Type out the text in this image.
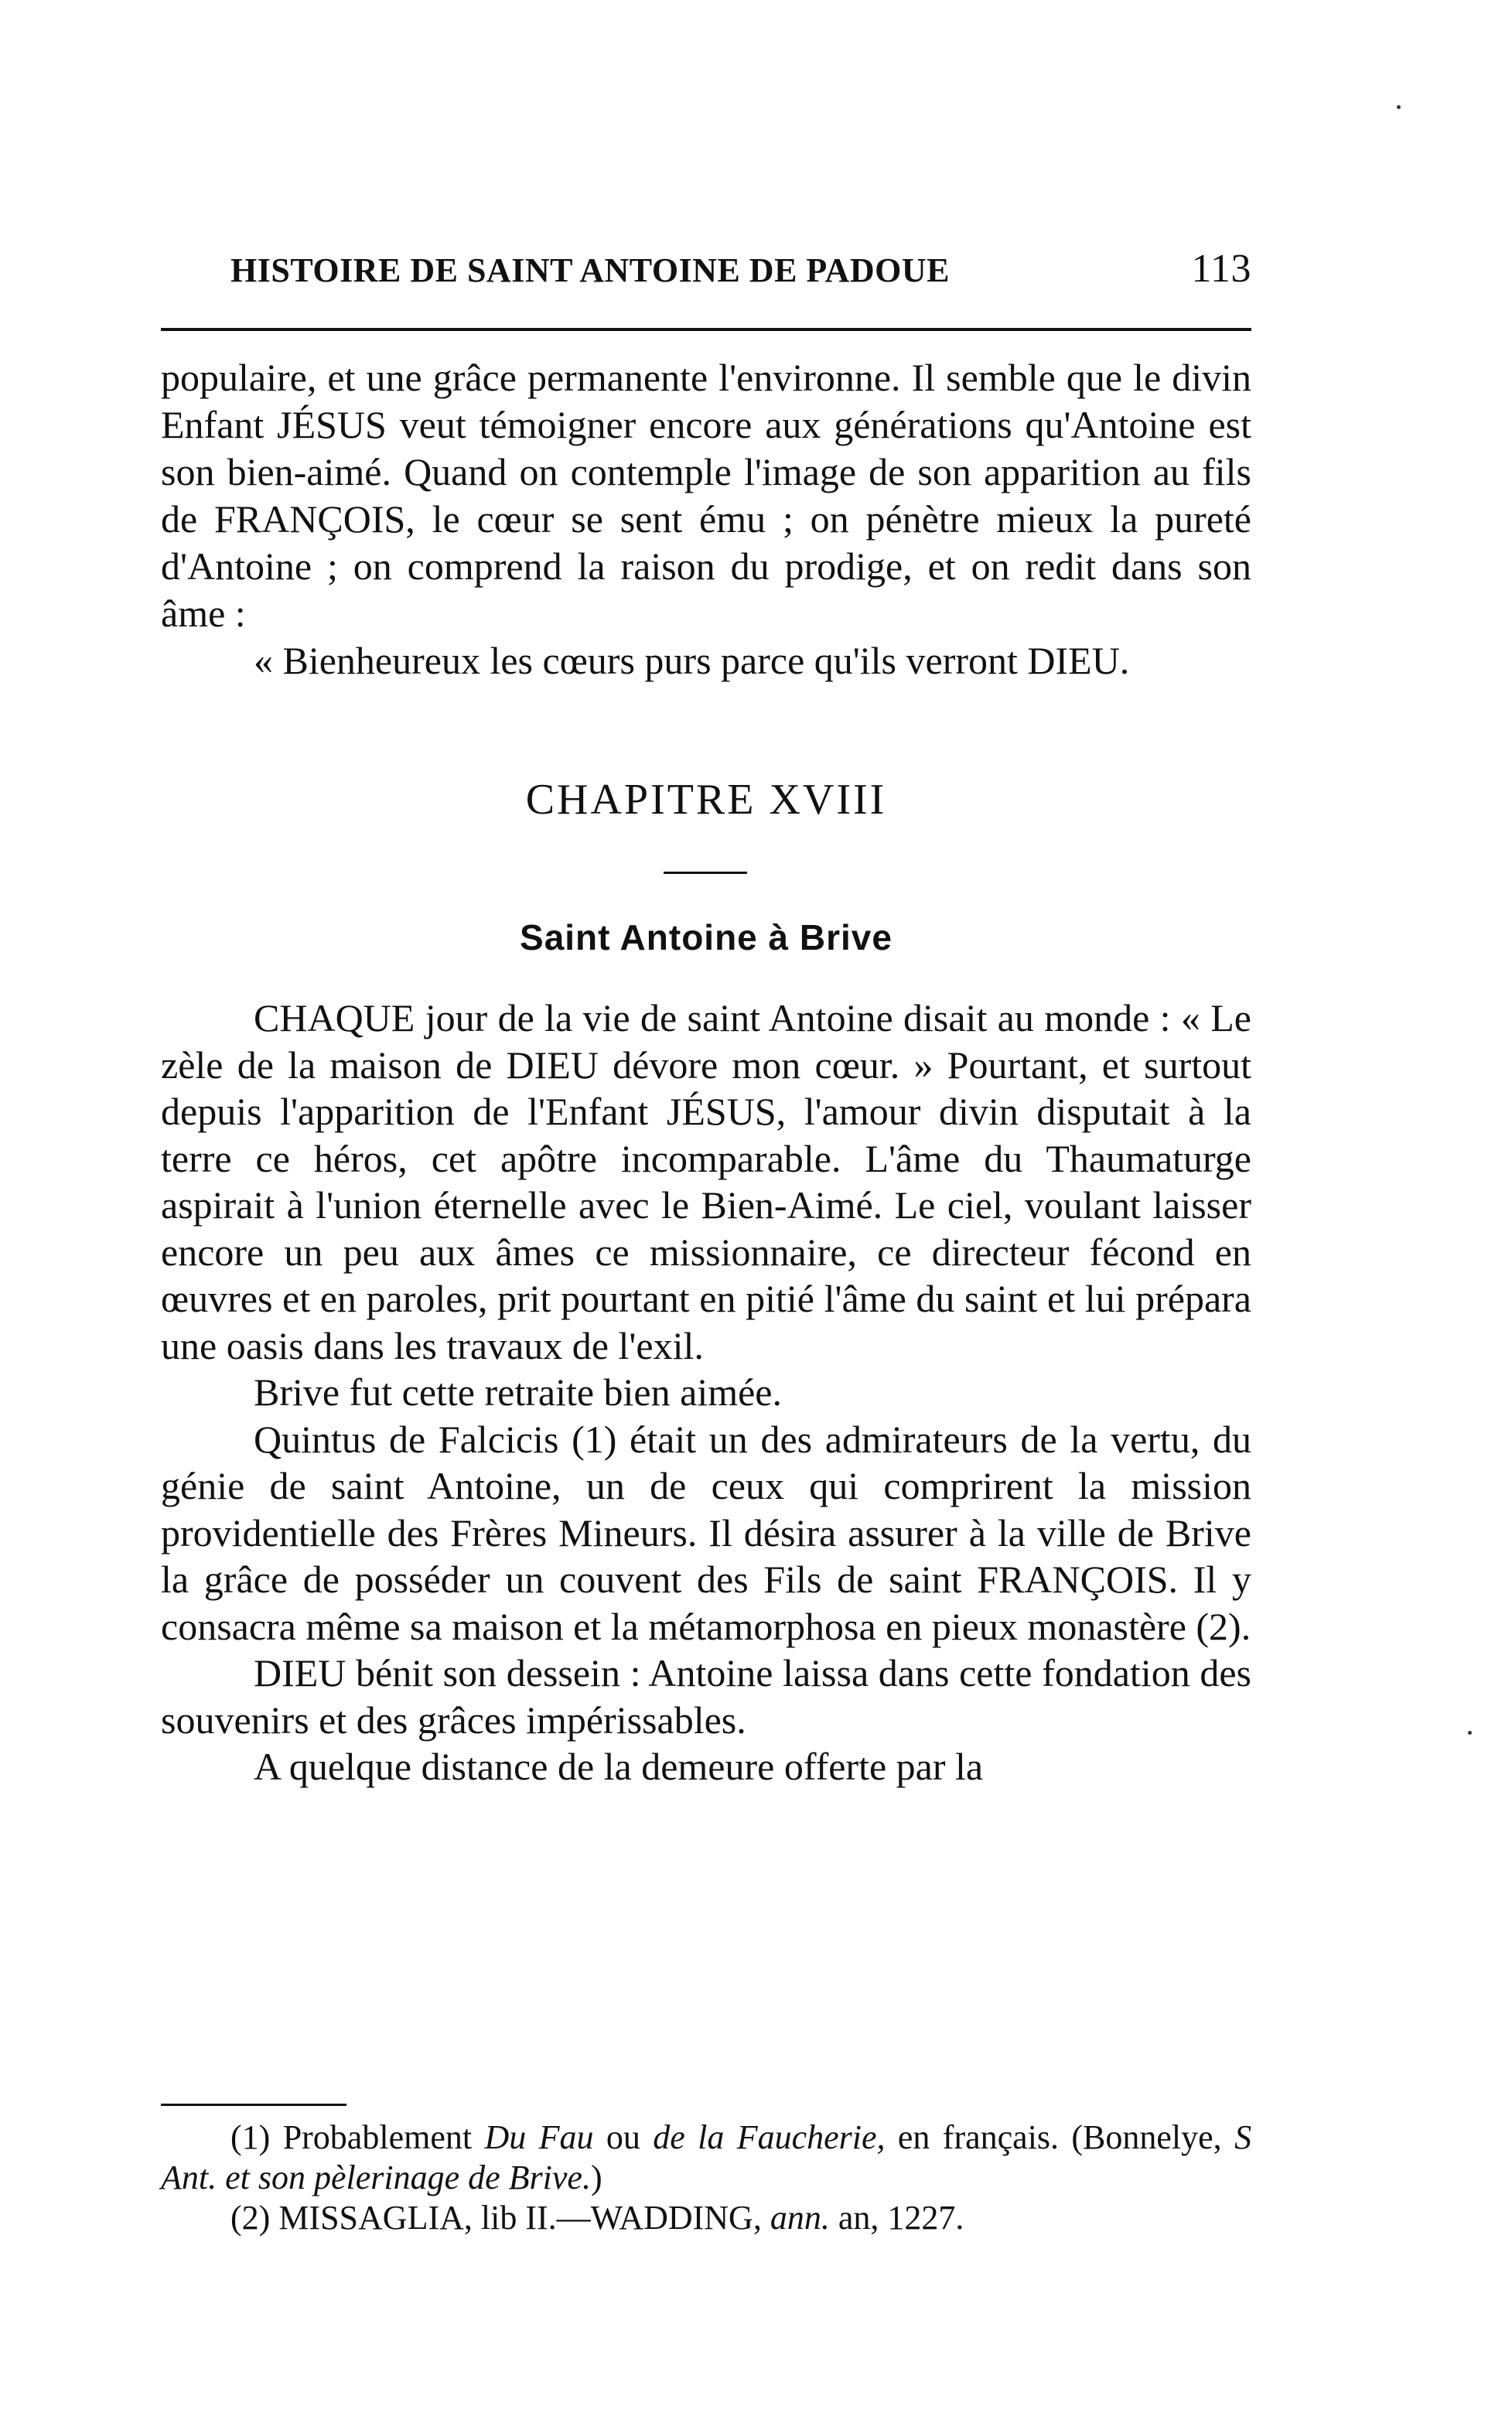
HISTOIRE DE SAINT ANTOINE DE PADOUE	113

populaire, et une grâce permanente l'environne. Il semble que le divin Enfant JÉSUS veut témoigner encore aux générations qu'Antoine est son bien-aimé. Quand on contemple l'image de son apparition au fils de FRANÇOIS, le cœur se sent ému ; on pénètre mieux la pureté d'Antoine ; on comprend la raison du prodige, et on redit dans son âme :

« Bienheureux les cœurs purs parce qu'ils verront DIEU.

CHAPITRE XVIII
Saint Antoine à Brive

CHAQUE jour de la vie de saint Antoine disait au monde : « Le zèle de la maison de DIEU dévore mon cœur. » Pourtant, et surtout depuis l'apparition de l'Enfant JÉSUS, l'amour divin disputait à la terre ce héros, cet apôtre incomparable. L'âme du Thaumaturge aspirait à l'union éternelle avec le Bien-Aimé. Le ciel, voulant laisser encore un peu aux âmes ce missionnaire, ce directeur fécond en œuvres et en paroles, prit pourtant en pitié l'âme du saint et lui prépara une oasis dans les travaux de l'exil.

Brive fut cette retraite bien aimée.

Quintus de Falcicis (1) était un des admirateurs de la vertu, du génie de saint Antoine, un de ceux qui comprirent la mission providentielle des Frères Mineurs. Il désira assurer à la ville de Brive la grâce de posséder un couvent des Fils de saint FRANÇOIS. Il y consacra même sa maison et la métamorphosa en pieux monastère (2).

DIEU bénit son dessein : Antoine laissa dans cette fondation des souvenirs et des grâces impérissables.

A quelque distance de la demeure offerte par la

(1) Probablement Du Fau ou de la Faucherie, en français. (Bonnelye, S Ant. et son pèlerinage de Brive.)

(2) MISSAGLIA, lib II.—WADDING, ann. an, 1227.
